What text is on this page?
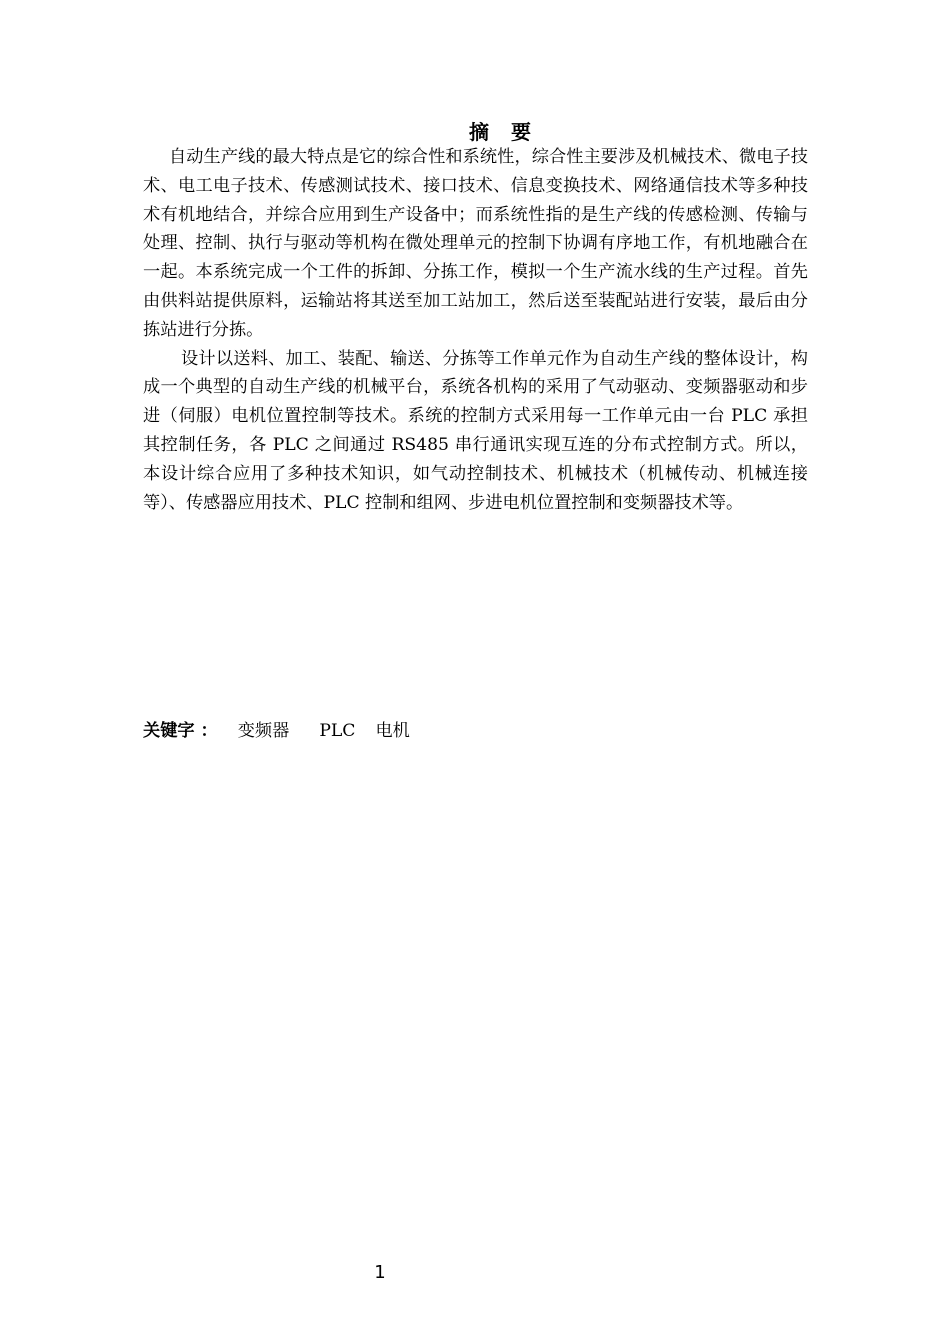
摘 要

自动生产线的最大特点是它的综合性和系统性，综合性主要涉及机械技术、微电子技术、电工电子技术、传感测试技术、接口技术、信息变换技术、网络通信技术等多种技术有机地结合，并综合应用到生产设备中；而系统性指的是生产线的传感检测、传输与处理、控制、执行与驱动等机构在微处理单元的控制下协调有序地工作，有机地融合在一起。本系统完成一个工件的拆卸、分拣工作，模拟一个生产流水线的生产过程。首先由供料站提供原料，运输站将其送至加工站加工，然后送至装配站进行安装，最后由分拣站进行分拣。

设计以送料、加工、装配、输送、分拣等工作单元作为自动生产线的整体设计，构成一个典型的自动生产线的机械平台，系统各机构的采用了气动驱动、变频器驱动和步进（伺服）电机位置控制等技术。系统的控制方式采用每一工作单元由一台 PLC 承担其控制任务，各 PLC 之间通过 RS485 串行通讯实现互连的分布式控制方式。所以，本设计综合应用了多种技术知识，如气动控制技术、机械技术（机械传动、机械连接等）、传感器应用技术、PLC 控制和组网、步进电机位置控制和变频器技术等。

关键字 ： 变频器 PLC 电机
1
